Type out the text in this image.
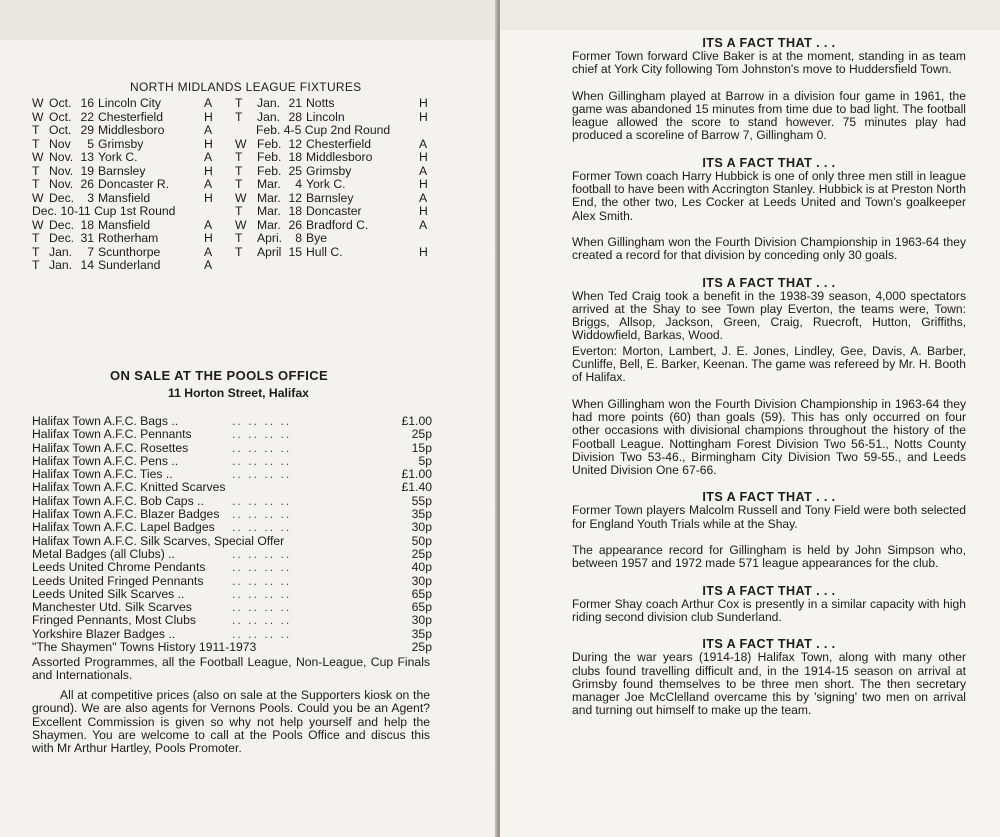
NORTH MIDLANDS LEAGUE FIXTURES
W Oct. 16 Lincoln City	A T Jan. 21 Notts	H
W Oct. 22 Chesterfield	H T Jan. 28 Lincoln	H
T Oct. 29 Middlesboro	A	Feb. 4-5 Cup 2nd Round
T Nov	5 Grimsby	H W Feb. 12 Chesterfield	A
W Nov. 13 York C.	A T Feb. 18 Middlesboro	H
T Nov. 19 Barnsley	H T Feb. 25 Grimsby	A
T Nov. 26 Doncaster R.	A T Mar.	4 York C.	H
W Dec.	3 Mansfield	H W Mar. 12 Barnsley	A
Dec. 10-11 Cup 1st Round	T Mar. 18 Doncaster	H
W Dec. 18 Mansfield	A W Mar. 26 Bradford C.	A
T Dec. 31 Rotherham	H T Apri.	8 Bye
T Jan.	7 Scunthorpe	A T April 15 Hull C.	H
T Jan. 14 Sunderland	A
ON SALE AT THE POOLS OFFICE
11 Horton Street, Halifax
Halifax Town A.F.C. Bags ..	.. .. .. ..	£1.00
Halifax Town A.F.C. Pennants	.. .. .. ..	25p
Halifax Town A.F.C. Rosettes	.. .. .. ..	15p
Halifax Town A.F.C. Pens ..	.. .. .. ..	5p
Halifax Town A.F.C. Ties ..	.. .. .. ..	£1.00
Halifax Town A.F.C. Knitted Scarves	£1.40
Halifax Town A.F.C. Bob Caps .. .. .. .. ..	55p
Halifax Town A.F.C. Blazer Badges .. .. .. ..	35p
Halifax Town A.F.C. Lapel Badges .. .. .. ..	30p
Halifax Town A.F.C. Silk Scarves, Special Offer	50p
Metal Badges (all Clubs) ..	.. .. .. ..	25p
Leeds United Chrome Pendants .. .. .. ..	40p
Leeds United Fringed Pennants .. .. .. ..	30p
Leeds United Silk Scarves ..	.. .. .. ..	65p
Manchester Utd. Silk Scarves	.. .. .. ..	65p
Fringed Pennants, Most Clubs	.. .. .. ..	30p
Yorkshire Blazer Badges ..	.. .. .. ..	35p
"The Shaymen" Towns History 1911-1973	25p

Assorted Programmes, all the Football League, Non-League, Cup Finals and Internationals.

All at competitive prices (also on sale at the Supporters kiosk on the ground). We are also agents for Vernons Pools. Could you be an Agent? Excellent Commission is given so why not help yourself and help the Shaymen. You are welcome to call at the Pools Office and discus this with Mr Arthur Hartley, Pools Promoter.

ITS A FACT THAT . . .

Former Town forward Clive Baker is at the moment, standing in as team chief at York City following Tom Johnston's move to Huddersfield Town.

When Gillingham played at Barrow in a division four game in 1961, the game was abandoned 15 minutes from time due to bad light. The football league allowed the score to stand however. 75 minutes play had produced a scoreline of Barrow 7, Gillingham 0.

ITS A FACT THAT . . .

Former Town coach Harry Hubbick is one of only three men still in league football to have been with Accrington Stanley. Hubbick is at Preston North End, the other two, Les Cocker at Leeds United and Town's goalkeeper Alex Smith.

When Gillingham won the Fourth Division Championship in 1963-64 they created a record for that division by conceding only 30 goals.

ITS A FACT THAT . . .

When Ted Craig took a benefit in the 1938-39 season, 4,000 spectators arrived at the Shay to see Town play Everton, the teams were, Town: Briggs, Allsop, Jackson, Green, Craig, Ruecroft, Hutton, Griffiths, Widdowfield, Barkas, Wood.

Everton: Morton, Lambert, J. E. Jones, Lindley, Gee, Davis, A. Barber, Cunliffe, Bell, E. Barker, Keenan. The game was refereed by Mr. H. Booth of Halifax.

When Gillingham won the Fourth Division Championship in 1963-64 they had more points (60) than goals (59). This has only occurred on four other occasions with divisional champions throughout the history of the Football League. Nottingham Forest Division Two 56-51., Notts County Division Two 53-46., Birmingham City Division Two 59-55., and Leeds United Division One 67-66.

ITS A FACT THAT . . .

Former Town players Malcolm Russell and Tony Field were both selected for England Youth Trials while at the Shay.

The appearance record for Gillingham is held by John Simpson who, between 1957 and 1972 made 571 league appearances for the club.

ITS A FACT THAT . . .

Former Shay coach Arthur Cox is presently in a similar capacity with high riding second division club Sunderland.

ITS A FACT THAT . . .

During the war years (1914-18) Halifax Town, along with many other clubs found travelling difficult and, in the 1914-15 season on arrival at Grimsby found themselves to be three men short. The then secretary manager Joe McClelland overcame this by 'signing' two men on arrival and turning out himself to make up the team.
